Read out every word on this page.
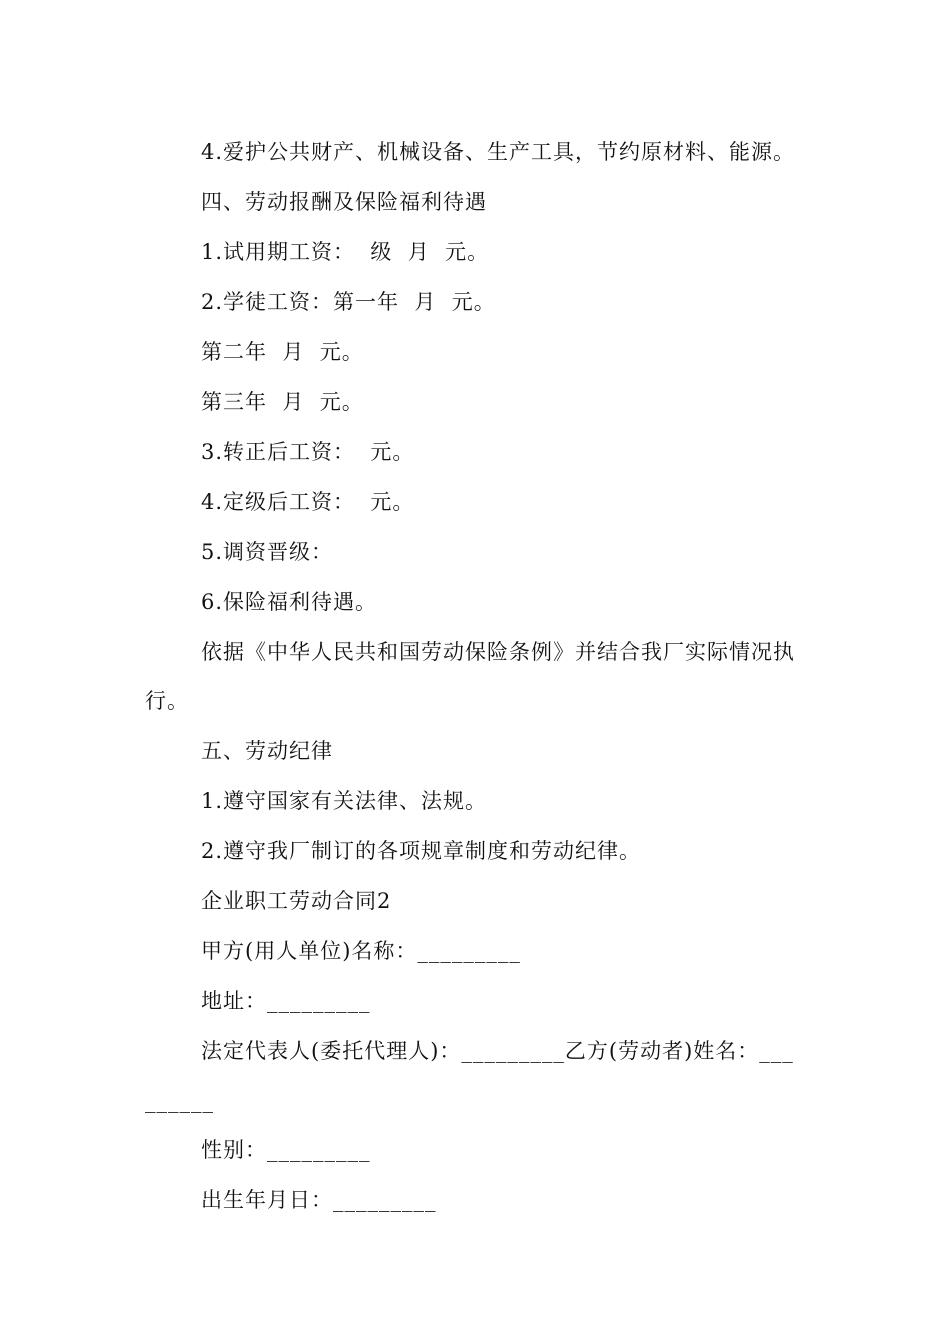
4.爱护公共财产、机械设备、生产工具，节约原材料、能源。
四、劳动报酬及保险福利待遇
1.试用期工资：  级  月  元。
2.学徒工资：第一年  月  元。
第二年  月  元。
第三年  月  元。
3.转正后工资：  元。
4.定级后工资：  元。
5.调资晋级：
6.保险福利待遇。
依据《中华人民共和国劳动保险条例》并结合我厂实际情况执
行。
五、劳动纪律
1.遵守国家有关法律、法规。
2.遵守我厂制订的各项规章制度和劳动纪律。
企业职工劳动合同2
甲方(用人单位)名称：_________
地址：_________
法定代表人(委托代理人)：_________乙方(劳动者)姓名：___
______
性别：_________
出生年月日：_________
